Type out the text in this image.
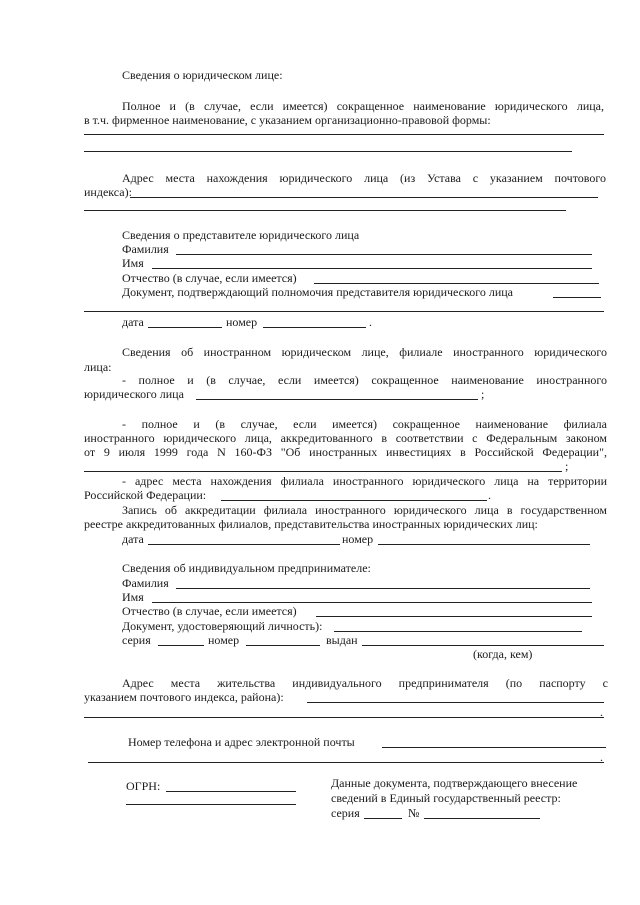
Сведения о юридическом лице:
Полное и (в случае, если имеется) сокращенное наименование юридического лица,
в т.ч. фирменное наименование, с указанием организационно-правовой формы:
Адрес места нахождения юридического лица (из Устава с указанием почтового
индекса):
Сведения о представителе юридического лица
Фамилия
Имя
Отчество (в случае, если имеется)
Документ, подтверждающий полномочия представителя юридического лица
дата	номер	.
Сведения об иностранном юридическом лице, филиале иностранного юридического
лица:
- полное и (в случае, если имеется) сокращенное наименование иностранного
юридического лица	;
- полное и (в случае, если имеется) сокращенное наименование филиала
иностранного юридического лица, аккредитованного в соответствии с Федеральным законом
от 9 июля 1999 года N 160-ФЗ "Об иностранных инвестициях в Российской Федерации",
;
- адрес места нахождения филиала иностранного юридического лица на территории
Российской Федерации:	.
Запись об аккредитации филиала иностранного юридического лица в государственном
реестре аккредитованных филиалов, представительства иностранных юридических лиц:
дата	номер
Сведения об индивидуальном предпринимателе:
Фамилия
Имя
Отчество (в случае, если имеется)
Документ, удостоверяющий личность):
серия	номер	выдан
(когда, кем)
Адрес места жительства индивидуального предпринимателя (по паспорту с
указанием почтового индекса, района):
.
Номер телефона и адрес электронной почты
.
ОГРН:	Данные документа, подтверждающего внесение
сведений в Единый государственный реестр:
серия	№
